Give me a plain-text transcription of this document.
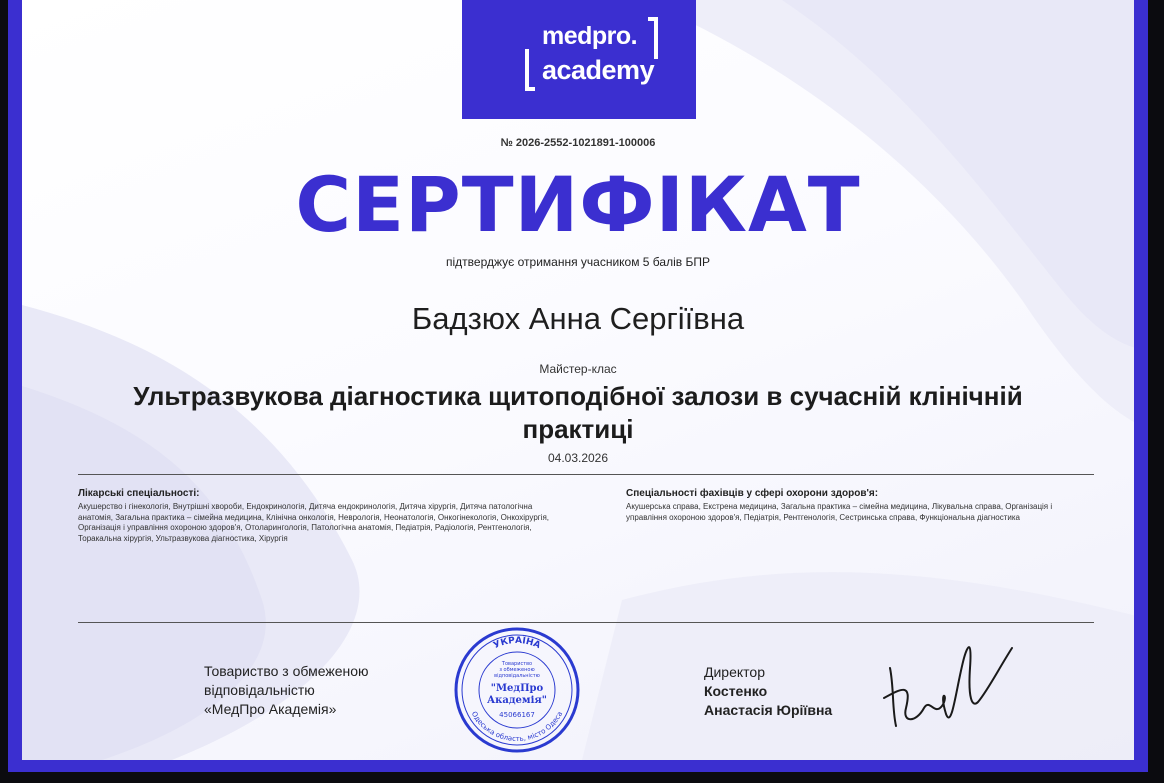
medpro.
academy
№ 2026-2552-1021891-100006
СЕРТИФІКАТ
підтверджує отримання учасником 5 балів БПР
Бадзюх Анна Сергіївна
Майстер-клас
Ультразвукова діагностика щитоподібної залози в сучасній клінічній практиці
04.03.2026
Лікарські спеціальності:
Акушерство і гінекологія, Внутрішні хвороби, Ендокринологія, Дитяча ендокринологія, Дитяча хірургія, Дитяча патологічна анатомія, Загальна практика – сімейна медицина, Клінічна онкологія, Неврологія, Неонатологія, Онкогінекологія, Онкохірургія, Організація і управління охороною здоров'я, Отоларингологія, Патологічна анатомія, Педіатрія, Радіологія, Рентгенологія, Торакальна хірургія, Ультразвукова діагностика, Хірургія
Спеціальності фахівців у сфері охорони здоров'я:
Акушерська справа, Екстрена медицина, Загальна практика – сімейна медицина, Лікувальна справа, Організація і управління охороною здоров'я, Педіатрія, Рентгенологія, Сестринська справа, Функціональна діагностика
Товариство з обмеженою
відповідальністю
«МедПро Академія»
УКРАЇНА
Одеська область, місто Одеса
Товариство
з обмеженою
відповідальністю
"МедПро
Академія"
45066167
Директор
Костенко
Анастасія Юріївна
